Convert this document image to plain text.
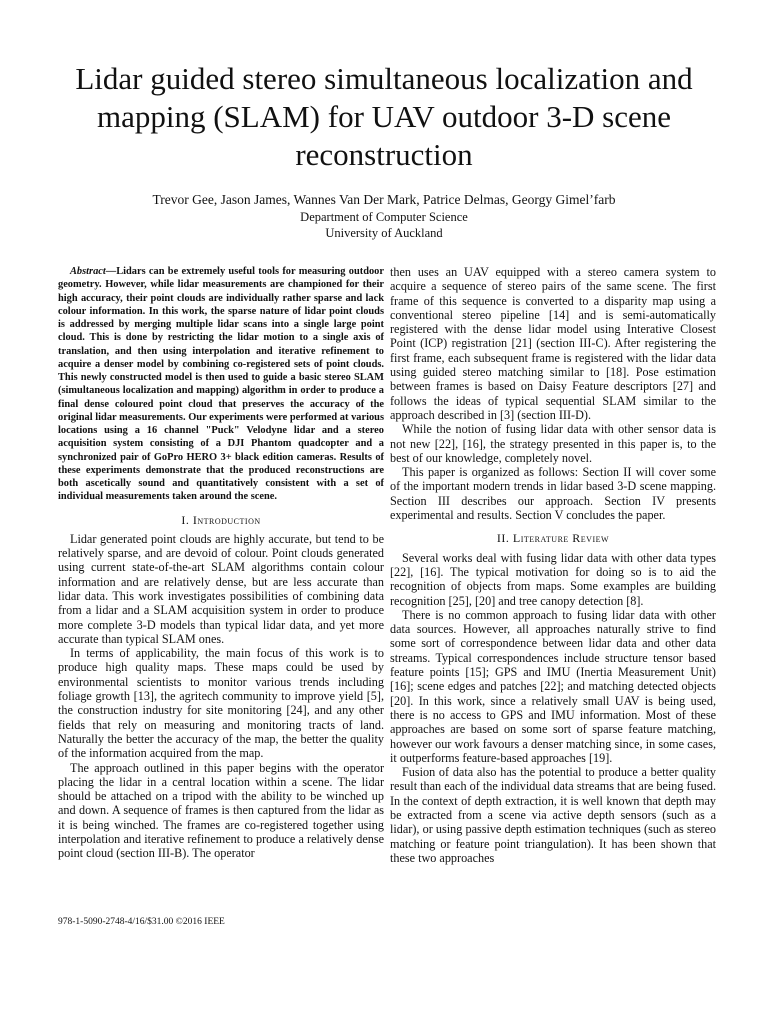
Lidar guided stereo simultaneous localization and mapping (SLAM) for UAV outdoor 3-D scene reconstruction
Trevor Gee, Jason James, Wannes Van Der Mark, Patrice Delmas, Georgy Gimel’farb
Department of Computer Science
University of Auckland

Abstract—Lidars can be extremely useful tools for measuring outdoor geometry. However, while lidar measurements are championed for their high accuracy, their point clouds are individually rather sparse and lack colour information. In this work, the sparse nature of lidar point clouds is addressed by merging multiple lidar scans into a single large point cloud. This is done by restricting the lidar motion to a single axis of translation, and then using interpolation and iterative refinement to acquire a denser model by combining co-registered sets of point clouds. This newly constructed model is then used to guide a basic stereo SLAM (simultaneous localization and mapping) algorithm in order to produce a final dense coloured point cloud that preserves the accuracy of the original lidar measurements. Our experiments were performed at various locations using a 16 channel "Puck" Velodyne lidar and a stereo acquisition system consisting of a DJI Phantom quadcopter and a synchronized pair of GoPro HERO 3+ black edition cameras. Results of these experiments demonstrate that the produced reconstructions are both ascetically sound and quantitatively consistent with a set of individual measurements taken around the scene.

I. Introduction

Lidar generated point clouds are highly accurate, but tend to be relatively sparse, and are devoid of colour. Point clouds generated using current state-of-the-art SLAM algorithms contain colour information and are relatively dense, but are less accurate than lidar data. This work investigates possibilities of combining data from a lidar and a SLAM acquisition system in order to produce more complete 3-D models than typical lidar data, and yet more accurate than typical SLAM ones.

In terms of applicability, the main focus of this work is to produce high quality maps. These maps could be used by environmental scientists to monitor various trends including foliage growth [13], the agritech community to improve yield [5], the construction industry for site monitoring [24], and any other fields that rely on measuring and monitoring tracts of land. Naturally the better the accuracy of the map, the better the quality of the information acquired from the map.

The approach outlined in this paper begins with the operator placing the lidar in a central location within a scene. The lidar should be attached on a tripod with the ability to be winched up and down. A sequence of frames is then captured from the lidar as it is being winched. The frames are co-registered together using interpolation and iterative refinement to produce a relatively dense point cloud (section III-B). The operator

then uses an UAV equipped with a stereo camera system to acquire a sequence of stereo pairs of the same scene. The first frame of this sequence is converted to a disparity map using a conventional stereo pipeline [14] and is semi-automatically registered with the dense lidar model using Interative Closest Point (ICP) registration [21] (section III-C). After registering the first frame, each subsequent frame is registered with the lidar data using guided stereo matching similar to [18]. Pose estimation between frames is based on Daisy Feature descriptors [27] and follows the ideas of typical sequential SLAM similar to the approach described in [3] (section III-D).

While the notion of fusing lidar data with other sensor data is not new [22], [16], the strategy presented in this paper is, to the best of our knowledge, completely novel.

This paper is organized as follows: Section II will cover some of the important modern trends in lidar based 3-D scene mapping. Section III describes our approach. Section IV presents experimental and results. Section V concludes the paper.

II. Literature Review

Several works deal with fusing lidar data with other data types [22], [16]. The typical motivation for doing so is to aid the recognition of objects from maps. Some examples are building recognition [25], [20] and tree canopy detection [8].

There is no common approach to fusing lidar data with other data sources. However, all approaches naturally strive to find some sort of correspondence between lidar data and other data streams. Typical correspondences include structure tensor based feature points [15]; GPS and IMU (Inertia Measurement Unit) [16]; scene edges and patches [22]; and matching detected objects [20]. In this work, since a relatively small UAV is being used, there is no access to GPS and IMU information. Most of these approaches are based on some sort of sparse feature matching, however our work favours a denser matching since, in some cases, it outperforms feature-based approaches [19].

Fusion of data also has the potential to produce a better quality result than each of the individual data streams that are being fused. In the context of depth extraction, it is well known that depth may be extracted from a scene via active depth sensors (such as a lidar), or using passive depth estimation techniques (such as stereo matching or feature point triangulation). It has been shown that these two approaches

978-1-5090-2748-4/16/$31.00 ©2016 IEEE
